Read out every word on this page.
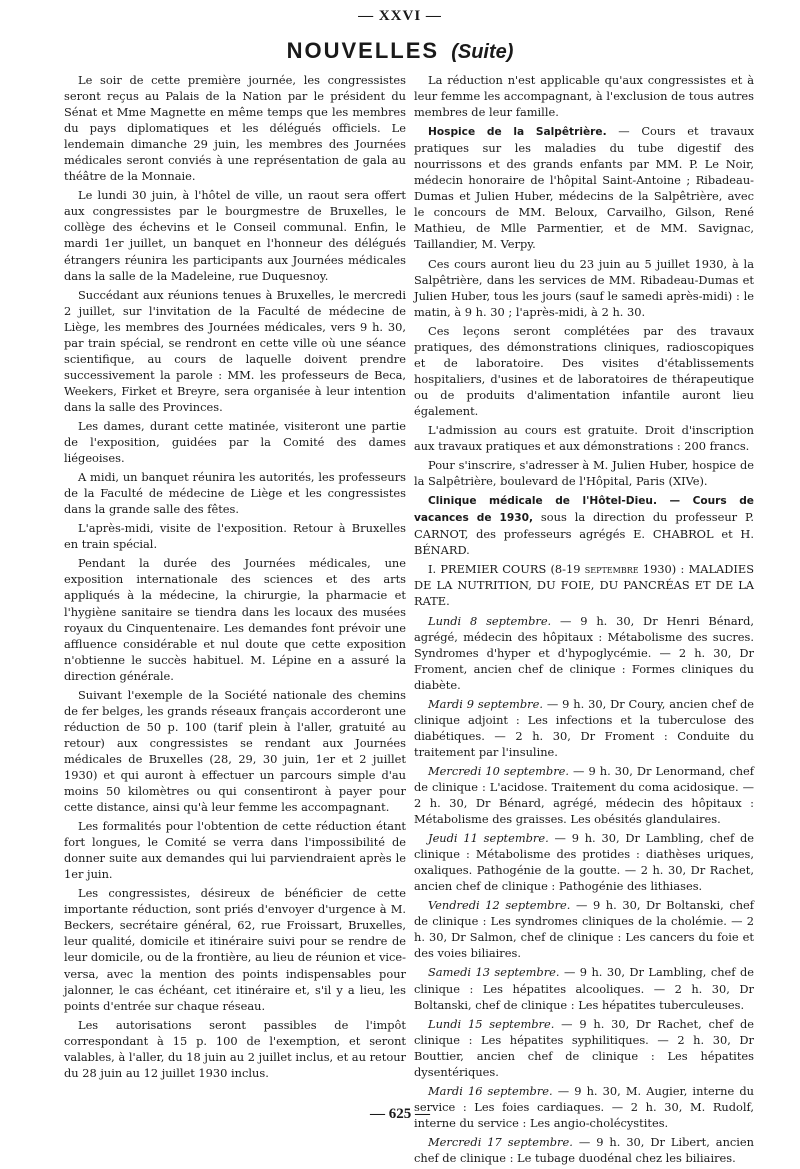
— XXVI —
NOUVELLES (Suite)

Le soir de cette première journée, les congressistes seront reçus au Palais de la Nation par le président du Sénat et Mme Magnette en même temps que les membres du pays diplomatiques et les délégués officiels. Le lendemain dimanche 29 juin, les membres des Journées médicales seront conviés à une représentation de gala au théâtre de la Monnaie.

Le lundi 30 juin, à l'hôtel de ville, un raout sera offert aux congressistes par le bourgmestre de Bruxelles, le collège des échevins et le Conseil communal. Enfin, le mardi 1er juillet, un banquet en l'honneur des délégués étrangers réunira les participants aux Journées médicales dans la salle de la Madeleine, rue Duquesnoy.

Succédant aux réunions tenues à Bruxelles, le mercredi 2 juillet, sur l'invitation de la Faculté de médecine de Liège, les membres des Journées médicales, vers 9 h. 30, par train spécial, se rendront en cette ville où une séance scientifique, au cours de laquelle doivent prendre successivement la parole : MM. les professeurs de Beca, Weekers, Firket et Breyre, sera organisée à leur intention dans la salle des Provinces.

Les dames, durant cette matinée, visiteront une partie de l'exposition, guidées par la Comité des dames liégeoises.

A midi, un banquet réunira les autorités, les professeurs de la Faculté de médecine de Liège et les congressistes dans la grande salle des fêtes.

L'après-midi, visite de l'exposition. Retour à Bruxelles en train spécial.

Pendant la durée des Journées médicales, une exposition internationale des sciences et des arts appliqués à la médecine, la chirurgie, la pharmacie et l'hygiène sanitaire se tiendra dans les locaux des musées royaux du Cinquentenaire. Les demandes font prévoir une affluence considérable et nul doute que cette exposition n'obtienne le succès habituel. M. Lépine en a assuré la direction générale.

Suivant l'exemple de la Société nationale des chemins de fer belges, les grands réseaux français accorderont une réduction de 50 p. 100 (tarif plein à l'aller, gratuité au retour) aux congressistes se rendant aux Journées médicales de Bruxelles (28, 29, 30 juin, 1er et 2 juillet 1930) et qui auront à effectuer un parcours simple d'au moins 50 kilomètres ou qui consentiront à payer pour cette distance, ainsi qu'à leur femme les accompagnant.

Les formalités pour l'obtention de cette réduction étant fort longues, le Comité se verra dans l'impossibilité de donner suite aux demandes qui lui parviendraient après le 1er juin.

Les congressistes, désireux de bénéficier de cette importante réduction, sont priés d'envoyer d'urgence à M. Beckers, secrétaire général, 62, rue Froissart, Bruxelles, leur qualité, domicile et itinéraire suivi pour se rendre de leur domicile, ou de la frontière, au lieu de réunion et vice-versa, avec la mention des points indispensables pour jalonner, le cas échéant, cet itinéraire et, s'il y a lieu, les points d'entrée sur chaque réseau.

Les autorisations seront passibles de l'impôt correspondant à 15 p. 100 de l'exemption, et seront valables, à l'aller, du 18 juin au 2 juillet inclus, et au retour du 28 juin au 12 juillet 1930 inclus.

La réduction n'est applicable qu'aux congressistes et à leur femme les accompagnant, à l'exclusion de tous autres membres de leur famille.

Hospice de la Salpêtrière. — Cours et travaux pratiques sur les maladies du tube digestif des nourrissons et des grands enfants par MM. P. Le Noir, médecin honoraire de l'hôpital Saint-Antoine ; Ribadeau-Dumas et Julien Huber, médecins de la Salpêtrière, avec le concours de MM. Beloux, Carvailho, Gilson, René Mathieu, de Mlle Parmentier, et de MM. Savignac, Taillandier, M. Verpy.

Ces cours auront lieu du 23 juin au 5 juillet 1930, à la Salpêtrière, dans les services de MM. Ribadeau-Dumas et Julien Huber, tous les jours (sauf le samedi après-midi) : le matin, à 9 h. 30 ; l'après-midi, à 2 h. 30.

Ces leçons seront complétées par des travaux pratiques, des démonstrations cliniques, radioscopiques et de laboratoire. Des visites d'établissements hospitaliers, d'usines et de laboratoires de thérapeutique ou de produits d'alimentation infantile auront lieu également.

L'admission au cours est gratuite. Droit d'inscription aux travaux pratiques et aux démonstrations : 200 francs.

Pour s'inscrire, s'adresser à M. Julien Huber, hospice de la Salpêtrière, boulevard de l'Hôpital, Paris (XIVe).

Clinique médicale de l'Hôtel-Dieu. — Cours de vacances de 1930, sous la direction du professeur P. CARNOT, des professeurs agrégés E. CHABROL et H. BÉNARD.

I. PREMIER COURS (8-19 septembre 1930) : MALADIES DE LA NUTRITION, DU FOIE, DU PANCRÉAS ET DE LA RATE.

Lundi 8 septembre. — 9 h. 30, Dr Henri Bénard, agrégé, médecin des hôpitaux : Métabolisme des sucres. Syndromes d'hyper et d'hypoglycémie. — 2 h. 30, Dr Froment, ancien chef de clinique : Formes cliniques du diabète.

Mardi 9 septembre. — 9 h. 30, Dr Coury, ancien chef de clinique adjoint : Les infections et la tuberculose des diabétiques. — 2 h. 30, Dr Froment : Conduite du traitement par l'insuline.

Mercredi 10 septembre. — 9 h. 30, Dr Lenormand, chef de clinique : L'acidose. Traitement du coma acidosique. — 2 h. 30, Dr Bénard, agrégé, médecin des hôpitaux : Métabolisme des graisses. Les obésités glandulaires.

Jeudi 11 septembre. — 9 h. 30, Dr Lambling, chef de clinique : Métabolisme des protides : diathèses uriques, oxaliques. Pathogénie de la goutte. — 2 h. 30, Dr Rachet, ancien chef de clinique : Pathogénie des lithiases.

Vendredi 12 septembre. — 9 h. 30, Dr Boltanski, chef de clinique : Les syndromes cliniques de la cholémie. — 2 h. 30, Dr Salmon, chef de clinique : Les cancers du foie et des voies biliaires.

Samedi 13 septembre. — 9 h. 30, Dr Lambling, chef de clinique : Les hépatites alcooliques. — 2 h. 30, Dr Boltanski, chef de clinique : Les hépatites tuberculeuses.

Lundi 15 septembre. — 9 h. 30, Dr Rachet, chef de clinique : Les hépatites syphilitiques. — 2 h. 30, Dr Bouttier, ancien chef de clinique : Les hépatites dysentériques.

Mardi 16 septembre. — 9 h. 30, M. Augier, interne du service : Les foies cardiaques. — 2 h. 30, M. Rudolf, interne du service : Les angio-cholécystites.

Mercredi 17 septembre. — 9 h. 30, Dr Libert, ancien chef de clinique : Le tubage duodénal chez les biliaires.

— 625 —
